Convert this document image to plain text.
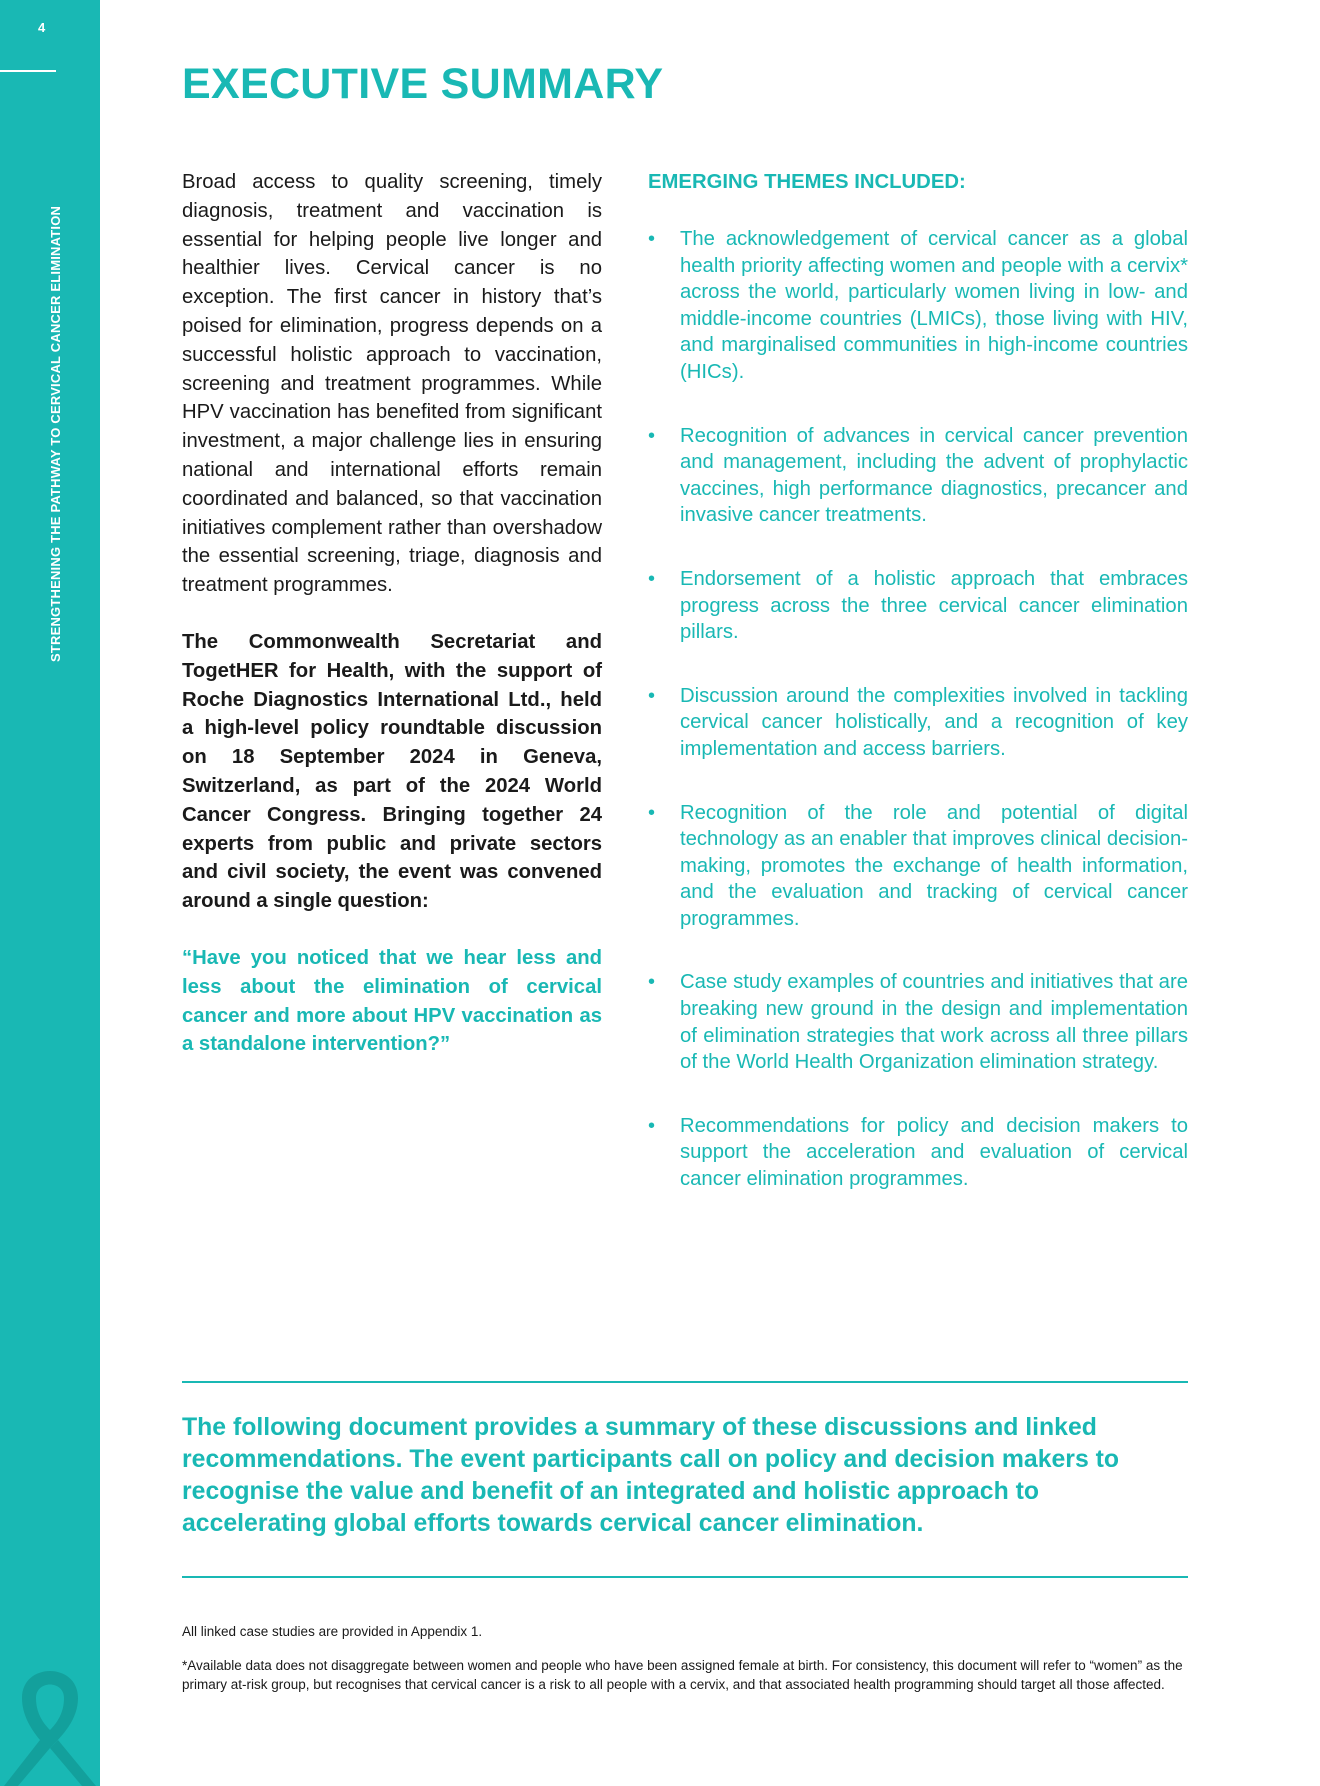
4
STRENGTHENING THE PATHWAY TO CERVICAL CANCER ELIMINATION
EXECUTIVE SUMMARY

Broad access to quality screening, timely diagnosis, treatment and vaccination is essential for helping people live longer and healthier lives. Cervical cancer is no exception. The first cancer in history that’s poised for elimination, progress depends on a successful holistic approach to vaccination, screening and treatment programmes. While HPV vaccination has benefited from significant investment, a major challenge lies in ensuring national and international efforts remain coordinated and balanced, so that vaccination initiatives complement rather than overshadow the essential screening, triage, diagnosis and treatment programmes.

The Commonwealth Secretariat and TogetHER for Health, with the support of Roche Diagnostics International Ltd., held a high-level policy roundtable discussion on 18 September 2024 in Geneva, Switzerland, as part of the 2024 World Cancer Congress. Bringing together 24 experts from public and private sectors and civil society, the event was convened around a single question:

“Have you noticed that we hear less and less about the elimination of cervical cancer and more about HPV vaccination as a standalone intervention?”

EMERGING THEMES INCLUDED:
• The acknowledgement of cervical cancer as a global health priority affecting women and people with a cervix* across the world, particularly women living in low- and middle-income countries (LMICs), those living with HIV, and marginalised communities in high-income countries (HICs).
• Recognition of advances in cervical cancer prevention and management, including the advent of prophylactic vaccines, high performance diagnostics, precancer and invasive cancer treatments.
• Endorsement of a holistic approach that embraces progress across the three cervical cancer elimination pillars.
• Discussion around the complexities involved in tackling cervical cancer holistically, and a recognition of key implementation and access barriers.
• Recognition of the role and potential of digital technology as an enabler that improves clinical decision-making, promotes the exchange of health information, and the evaluation and tracking of cervical cancer programmes.
• Case study examples of countries and initiatives that are breaking new ground in the design and implementation of elimination strategies that work across all three pillars of the World Health Organization elimination strategy.
• Recommendations for policy and decision makers to support the acceleration and evaluation of cervical cancer elimination programmes.

The following document provides a summary of these discussions and linked recommendations. The event participants call on policy and decision makers to recognise the value and benefit of an integrated and holistic approach to accelerating global efforts towards cervical cancer elimination.

All linked case studies are provided in Appendix 1.

*Available data does not disaggregate between women and people who have been assigned female at birth. For consistency, this document will refer to “women” as the primary at-risk group, but recognises that cervical cancer is a risk to all people with a cervix, and that associated health programming should target all those affected.
